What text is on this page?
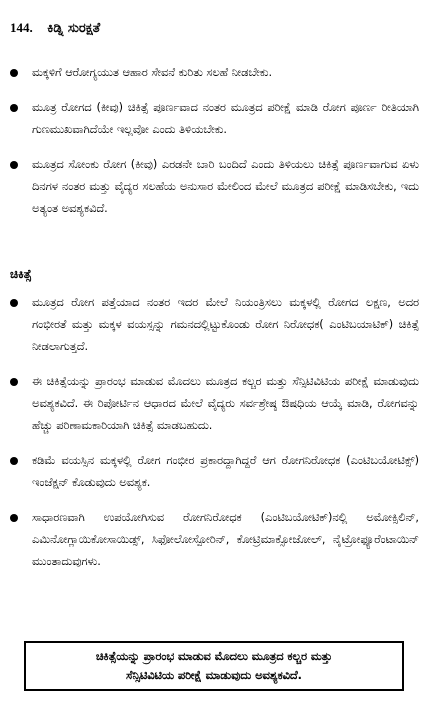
144. ಕಿಡ್ನಿ ಸುರಕ್ಷತೆ
ಮಕ್ಕಳಿಗೆ ಆರೋಗ್ಯಯುತ ಆಹಾರ ಸೇವನೆ ಕುರಿತು ಸಲಹೆ ನೀಡಬೇಕು.
ಮೂತ್ರ ರೋಗದ (ಕೀವು) ಚಿಕಿತ್ಸೆ ಪೂರ್ಣವಾದ ನಂತರ ಮೂತ್ರದ ಪರೀಕ್ಷೆ ಮಾಡಿ ರೋಗ ಪೂರ್ಣ ರೀತಿಯಾಗಿ ಗುಣಮುಖವಾಗಿದೆಯೇ ಇಲ್ಲವೋ ಎಂದು ತಿಳಿಯಬೇಕು.
ಮೂತ್ರದ ಸೋಂಕು ರೋಗ (ಕೀವು) ಎರಡನೇ ಬಾರಿ ಬಂದಿದೆ ಎಂದು ತಿಳಿಯಲು ಚಿಕಿತ್ಸೆ ಪೂರ್ಣವಾಗುವ ಏಳು ದಿನಗಳ ನಂತರ ಮತ್ತು ವೈದ್ಯರ ಸಲಹೆಯ ಅನುಸಾರ ಮೇಲಿಂದ ಮೇಲೆ ಮೂತ್ರದ ಪರೀಕ್ಷೆ ಮಾಡಿಸಬೇಕು, ಇದು ಅತ್ಯಂತ ಅವಶ್ಯಕವಿದೆ.
ಚಿಕಿತ್ಸೆ
ಮೂತ್ರದ ರೋಗ ಪತ್ತೆಯಾದ ನಂತರ ಇದರ ಮೇಲೆ ನಿಯಂತ್ರಿಸಲು ಮಕ್ಕಳಲ್ಲಿ ರೋಗದ ಲಕ್ಷಣ, ಅದರ ಗಂಭೀರತೆ ಮತ್ತು ಮಕ್ಕಳ ವಯಸ್ಸನ್ನು ಗಮನದಲ್ಲಿಟ್ಟುಕೊಂಡು ರೋಗ ನಿರೋಧಕ( ಎಂಟಿಬಯಾಟಿಕ್) ಚಿಕಿತ್ಸೆ ನೀಡಲಾಗುತ್ತದೆ.
ಈ ಚಿಕಿತ್ಸೆಯನ್ನು ಪ್ರಾರಂಭ ಮಾಡುವ ಮೊದಲು ಮೂತ್ರದ ಕಲ್ಚರ ಮತ್ತು ಸೆನ್ಸಿಟಿವಿಟಿಯ ಪರೀಕ್ಷೆ ಮಾಡುವುದು ಅವಶ್ಯಕವಿದೆ. ಈ ರಿಪೋರ್ಟಿನ ಆಧಾರದ ಮೇಲೆ ವೈದ್ಯರು ಸರ್ವಶ್ರೇಷ್ಠ ಔಷಧಿಯ ಆಯ್ಕೆ ಮಾಡಿ, ರೋಗವನ್ನು ಹೆಚ್ಚು ಪರಿಣಾಮಕಾರಿಯಾಗಿ ಚಿಕಿತ್ಸೆ ಮಾಡಬಹುದು.
ಕಡಿಮೆ ವಯಸ್ಸಿನ ಮಕ್ಕಳಲ್ಲಿ ರೋಗ ಗಂಭೀರ ಪ್ರಕಾರದ್ದಾಗಿದ್ದರೆ ಆಗ ರೋಗನಿರೋಧಕ (ಎಂಟಿಬಯೋಟಿಕ್ಸ್) ಇಂಜೆಕ್ಷನ್ ಕೊಡುವುದು ಅವಶ್ಯಕ.
ಸಾಧಾರಣವಾಗಿ ಉಪಯೋಗಿಸುವ ರೋಗನಿರೋಧಕ (ಎಂಟಿಬಯೋಟಿಕ್)ನಲ್ಲಿ ಅಮೋಕ್ಸಿಲಿನ್, ಎಮಿನೋಗ್ಲಾಯಿಕೋಸಾಯಿಡ್ಸ್, ಸಿಫೋಲೋಸ್ಪೋರಿನ್, ಕೋಟ್ರಿಮಾಕ್ಸೋಜೋಲ್, ನೈಟ್ರೋಫ್ಯೂರೆಂಟಾಯಿನ್ ಮುಂತಾದುವುಗಳು.
ಚಿಕಿತ್ಸೆಯನ್ನು ಪ್ರಾರಂಭ ಮಾಡುವ ಮೊದಲು ಮೂತ್ರದ ಕಲ್ಚರ ಮತ್ತು
ಸೆನ್ಸಿಟಿವಿಟಿಯ ಪರೀಕ್ಷೆ ಮಾಡುವುದು ಅವಶ್ಯಕವಿದೆ.
